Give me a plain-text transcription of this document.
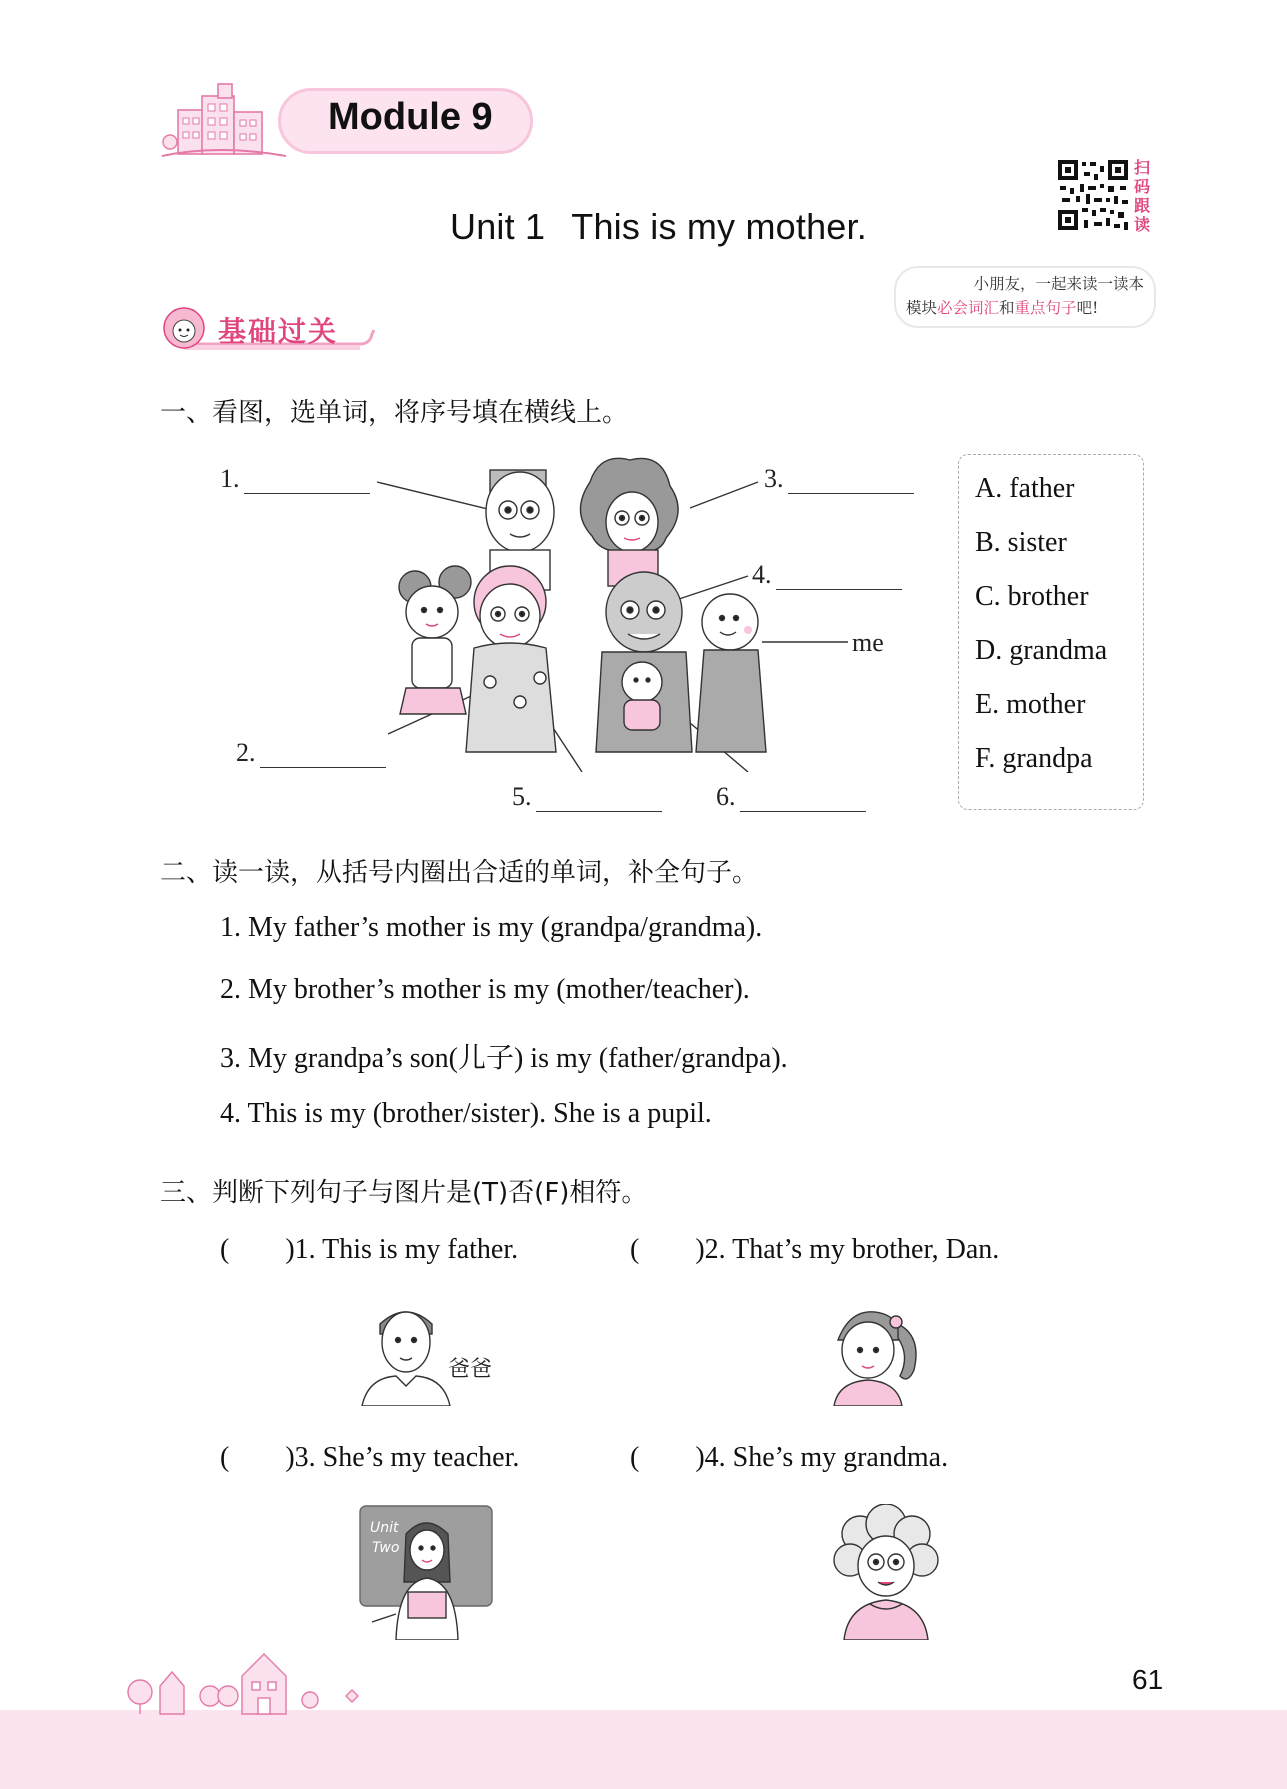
Module 9
Unit 1 This is my mother.
扫码跟读
小朋友，一起来读一读本
模块必会词汇和重点句子吧!
基础过关
一、看图，选单词，将序号填在横线上。
1.
2.
3.
4.
5.	6.
me
A. father
B. sister
C. brother
D. grandma
E. mother
F. grandpa
二、读一读，从括号内圈出合适的单词，补全句子。
1. My father’s mother is my (grandpa/grandma).
2. My brother’s mother is my (mother/teacher).
3. My grandpa’s son(儿子) is my (father/grandpa).
4. This is my (brother/sister). She is a pupil.
三、判断下列句子与图片是(T)否(F)相符。
(        )1. This is my father.	(        )2. That’s my brother, Dan.
(        )3. She’s my teacher.	(        )4. She’s my grandma.
爸爸
Unit
Two
61
